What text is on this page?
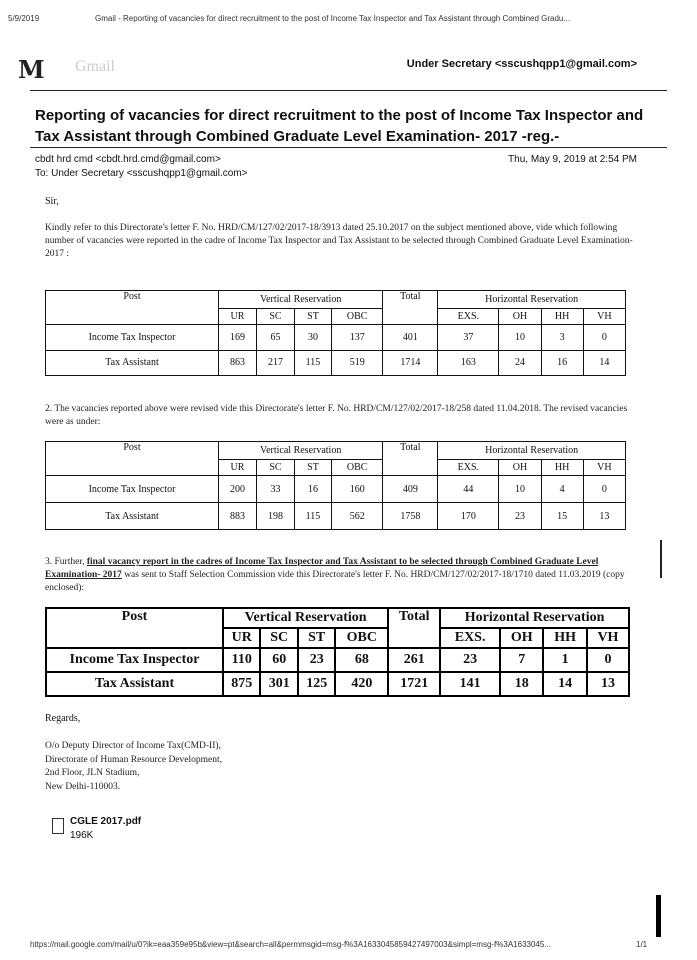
5/9/2019	Gmail - Reporting of vacancies for direct recruitment to the post of Income Tax Inspector and Tax Assistant through Combined Gradu...
M Gmail	Under Secretary <sscushqpp1@gmail.com>
Reporting of vacancies for direct recruitment to the post of Income Tax Inspector and Tax Assistant through Combined Graduate Level Examination- 2017 -reg.-
cbdt hrd cmd <cbdt.hrd.cmd@gmail.com>
To: Under Secretary <sscushqpp1@gmail.com>
Thu, May 9, 2019 at 2:54 PM
Sir,
Kindly refer to this Directorate's letter F. No. HRD/CM/127/02/2017-18/3913 dated 25.10.2017 on the subject mentioned above, vide which following number of vacancies were reported in the cadre of Income Tax Inspector and Tax Assistant to be selected through Combined Graduate Level Examination- 2017 :
Post	Vertical Reservation				Total	Horizontal Reservation			
	UR	SC	ST	OBC		EXS.	OH	HH	VH
Income Tax Inspector	169	65	30	137	401	37	10	3	0
Tax Assistant	863	217	115	519	1714	163	24	16	14
2. The vacancies reported above were revised vide this Directorate's letter F. No. HRD/CM/127/02/2017-18/258 dated 11.04.2018. The revised vacancies were as under:
Post	Vertical Reservation				Total	Horizontal Reservation			
	UR	SC	ST	OBC		EXS.	OH	HH	VH
Income Tax Inspector	200	33	16	160	409	44	10	4	0
Tax Assistant	883	198	115	562	1758	170	23	15	13
3. Further, final vacancy report in the cadres of Income Tax Inspector and Tax Assistant to be selected through Combined Graduate Level Examination- 2017 was sent to Staff Selection Commission vide this Directorate's letter F. No. HRD/CM/127/02/2017-18/1710 dated 11.03.2019 (copy enclosed):
Post	Vertical Reservation				Total	Horizontal Reservation			
	UR	SC	ST	OBC		EXS.	OH	HH	VH
Income Tax Inspector	110	60	23	68	261	23	7	1	0
Tax Assistant	875	301	125	420	1721	141	18	14	13
Regards,
O/o Deputy Director of Income Tax(CMD-II),
Directorate of Human Resource Development,
2nd Floor, JLN Stadium,
New Delhi-110003.
CGLE 2017.pdf
196K
https://mail.google.com/mail/u/0?ik=eaa359e95b&view=pt&search=all&permmsgid=msg-f%3A1633045859427497003&simpl=msg-f%3A1633045...	1/1
